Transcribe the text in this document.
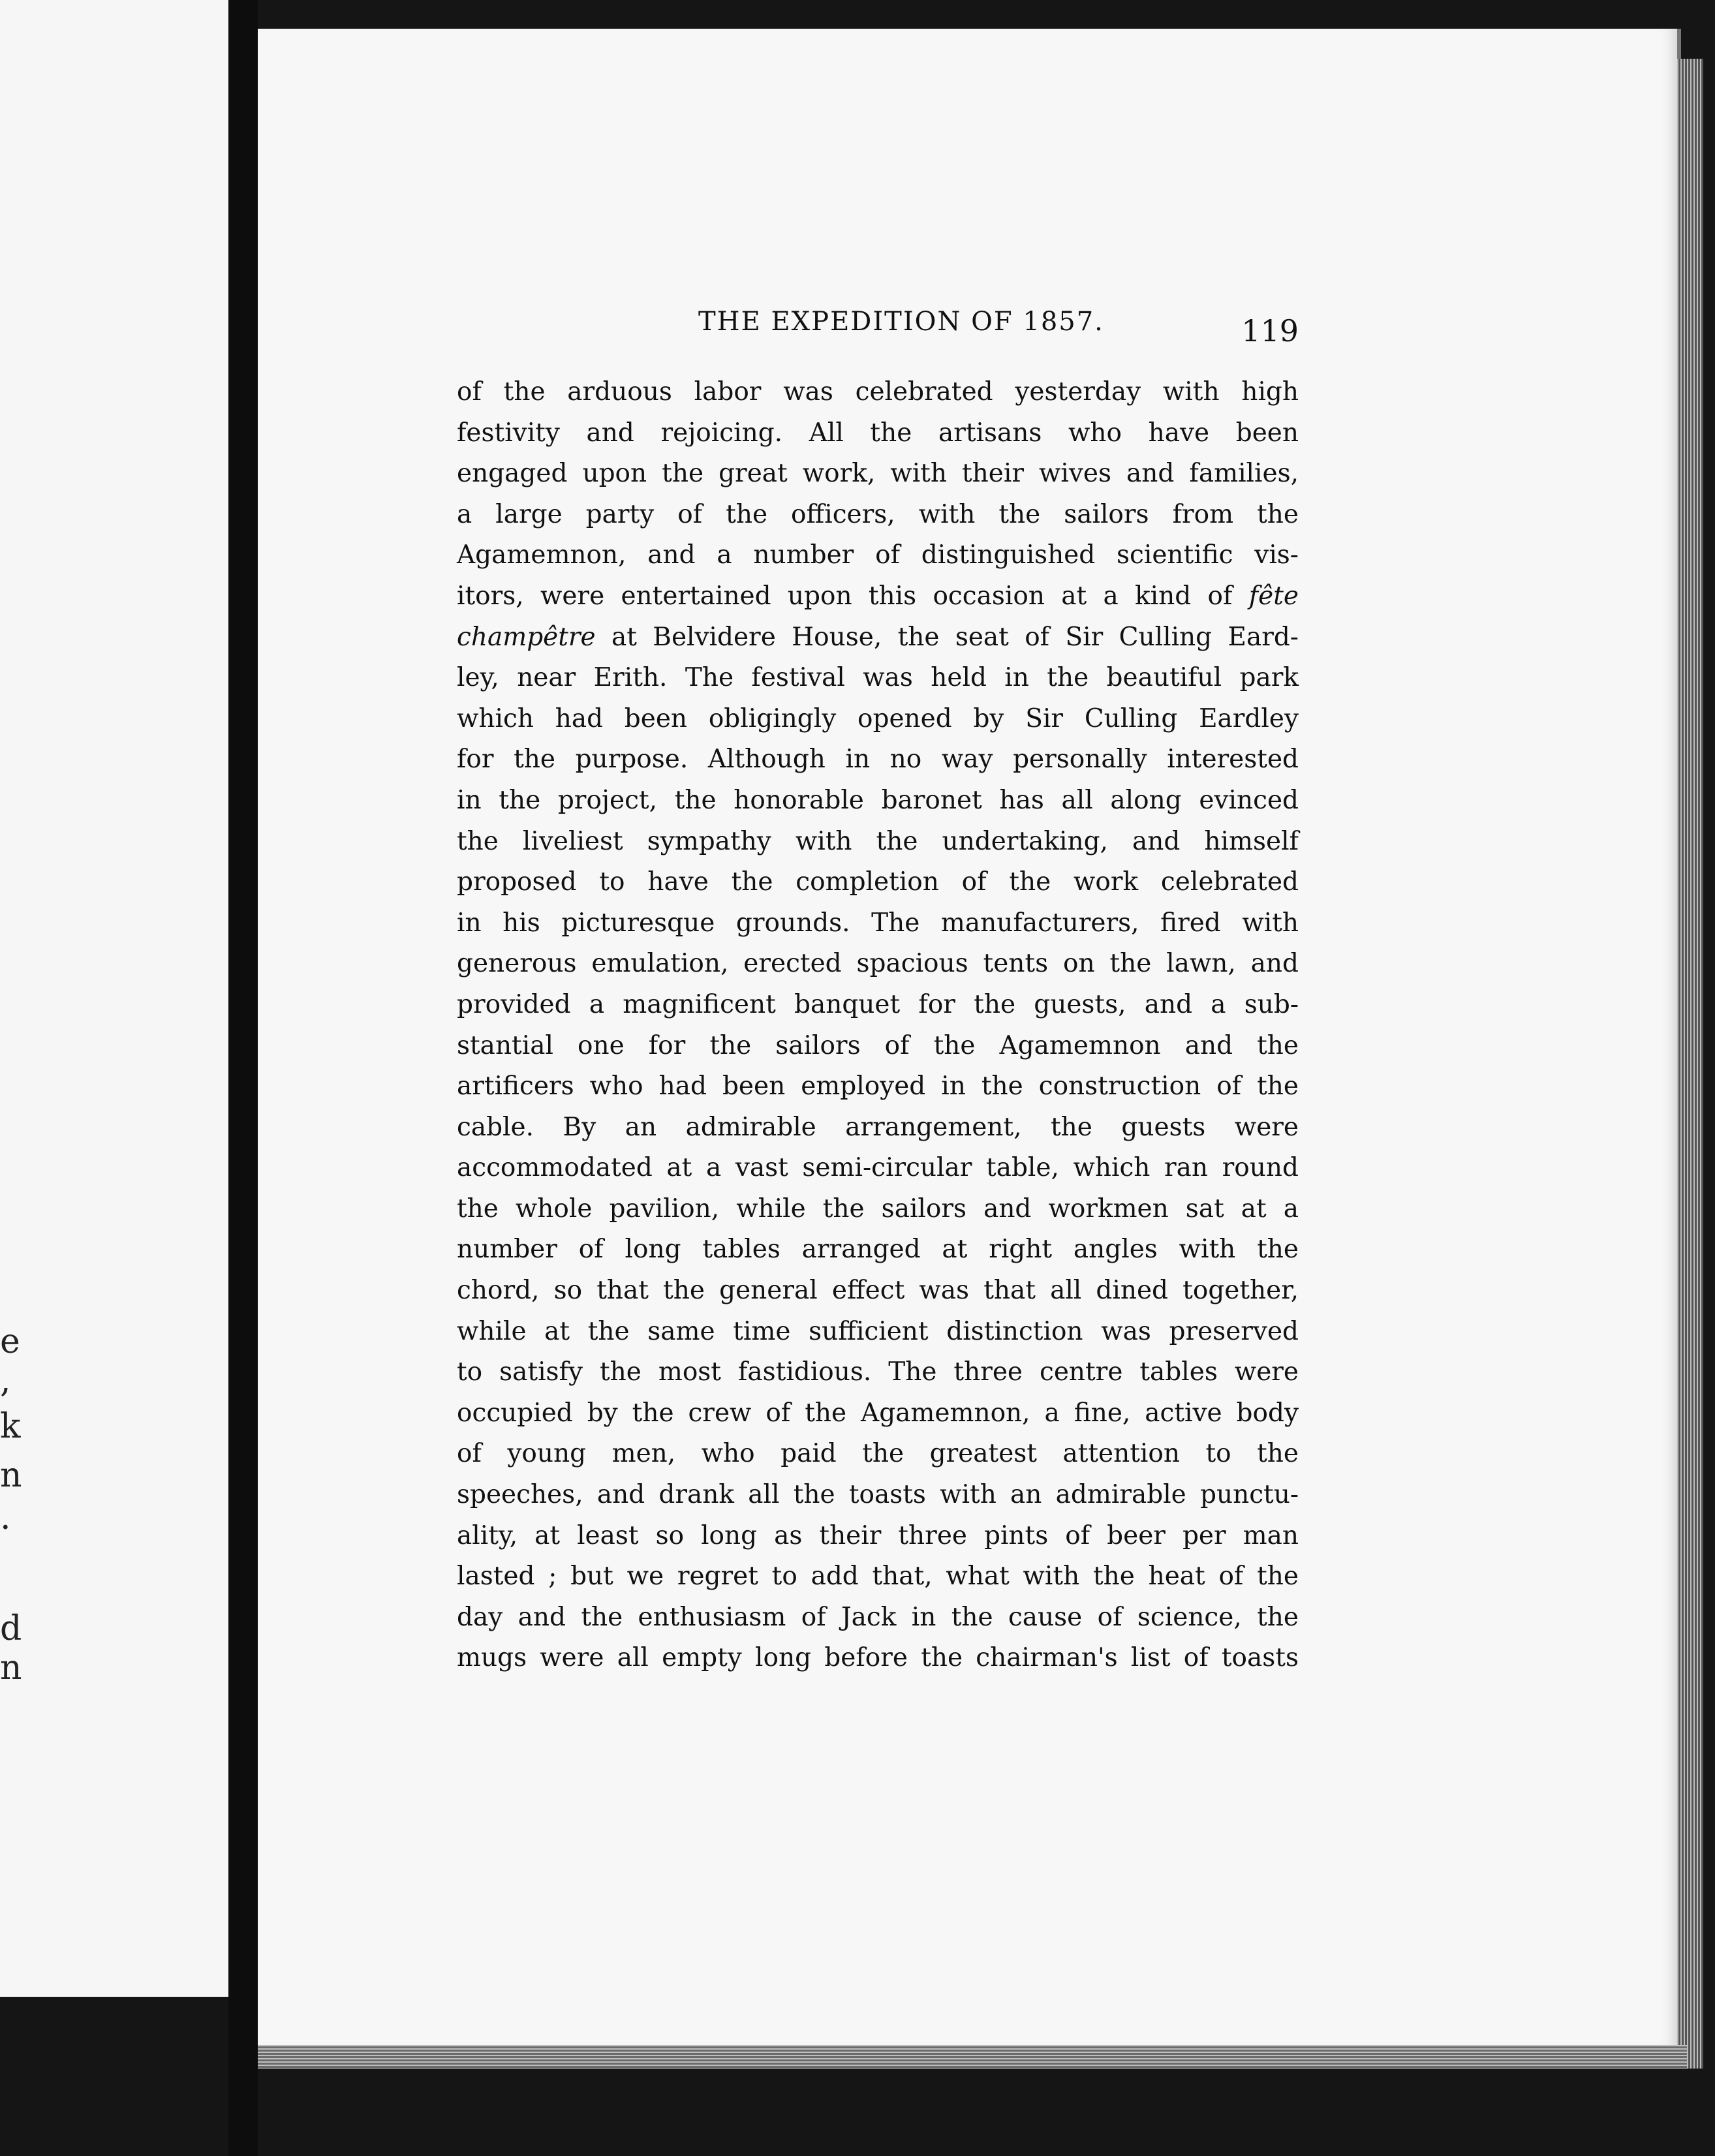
e
,
k
n
.
d
n
THE EXPEDITION OF 1857.	119
of the arduous labor was celebrated yesterday with high
festivity and rejoicing. All the artisans who have been
engaged upon the great work, with their wives and families,
a large party of the officers, with the sailors from the
Agamemnon, and a number of distinguished scientific vis-
itors, were entertained upon this occasion at a kind of fête
champêtre at Belvidere House, the seat of Sir Culling Eard-
ley, near Erith. The festival was held in the beautiful park
which had been obligingly opened by Sir Culling Eardley
for the purpose. Although in no way personally interested
in the project, the honorable baronet has all along evinced
the liveliest sympathy with the undertaking, and himself
proposed to have the completion of the work celebrated
in his picturesque grounds. The manufacturers, fired with
generous emulation, erected spacious tents on the lawn, and
provided a magnificent banquet for the guests, and a sub-
stantial one for the sailors of the Agamemnon and the
artificers who had been employed in the construction of the
cable. By an admirable arrangement, the guests were
accommodated at a vast semi-circular table, which ran round
the whole pavilion, while the sailors and workmen sat at a
number of long tables arranged at right angles with the
chord, so that the general effect was that all dined together,
while at the same time sufficient distinction was preserved
to satisfy the most fastidious. The three centre tables were
occupied by the crew of the Agamemnon, a fine, active body
of young men, who paid the greatest attention to the
speeches, and drank all the toasts with an admirable punctu-
ality, at least so long as their three pints of beer per man
lasted ; but we regret to add that, what with the heat of the
day and the enthusiasm of Jack in the cause of science, the
mugs were all empty long before the chairman's list of toasts
